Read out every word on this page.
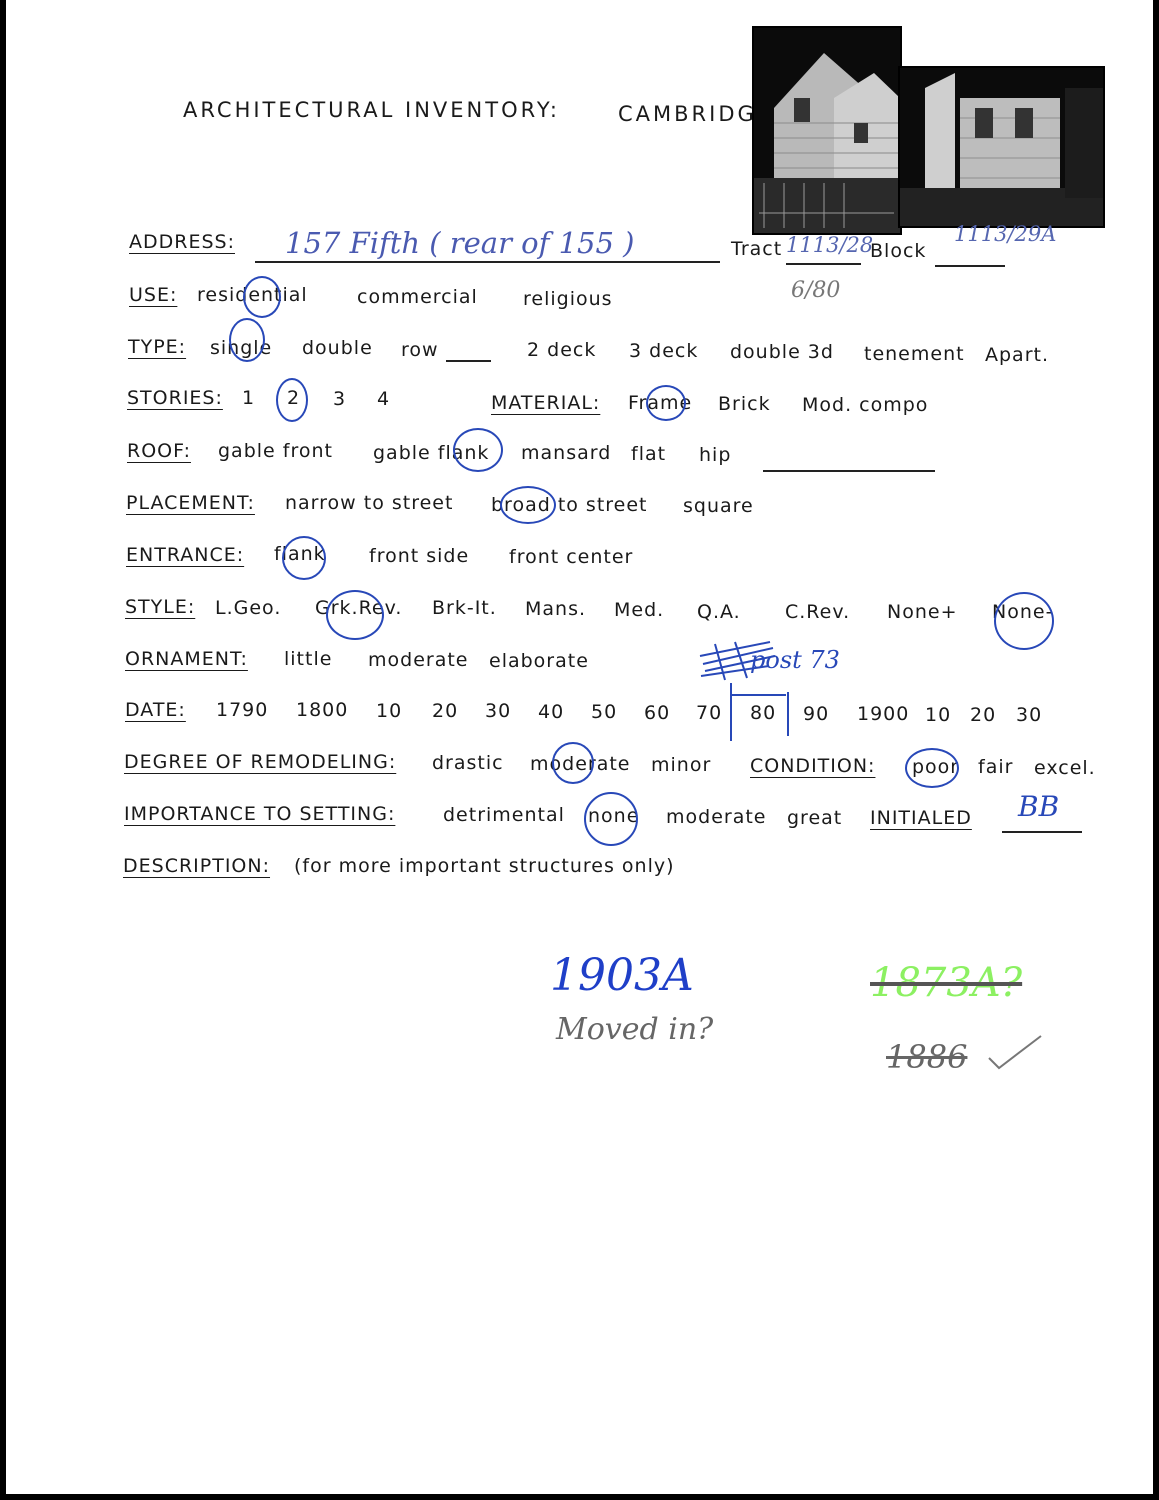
ARCHITECTURAL INVENTORY:	CAMBRIDG
ADDRESS: 157 Fifth ( rear of 155 )	Tract 1113/28
Block
1113/29A
6/80
USE: residential	commercial religious
TYPE: single double row	2 deck 3 deck double 3d tenement Apart.
STORIES: 1 2 3 4	MATERIAL: Frame Brick Mod. compo
ROOF: gable front gable flank mansard flat hip
PLACEMENT: narrow to street broad to street square
ENTRANCE: flank front side front center
STYLE: L.Geo. Grk.Rev. Brk-It. Mans. Med. Q.A. C.Rev. None+ None-
ORNAMENT: little moderate elaborate	post 73
DATE: 1790 1800 10 20 30 40 50 60 70 80 90 1900 10 20 30
DEGREE OF REMODELING: drastic moderate minor CONDITION: poor fair excel.
IMPORTANCE TO SETTING:	detrimental none moderate great INITIALED BB
DESCRIPTION: (for more important structures only)
1903A
Moved in?
1873A?
1886
